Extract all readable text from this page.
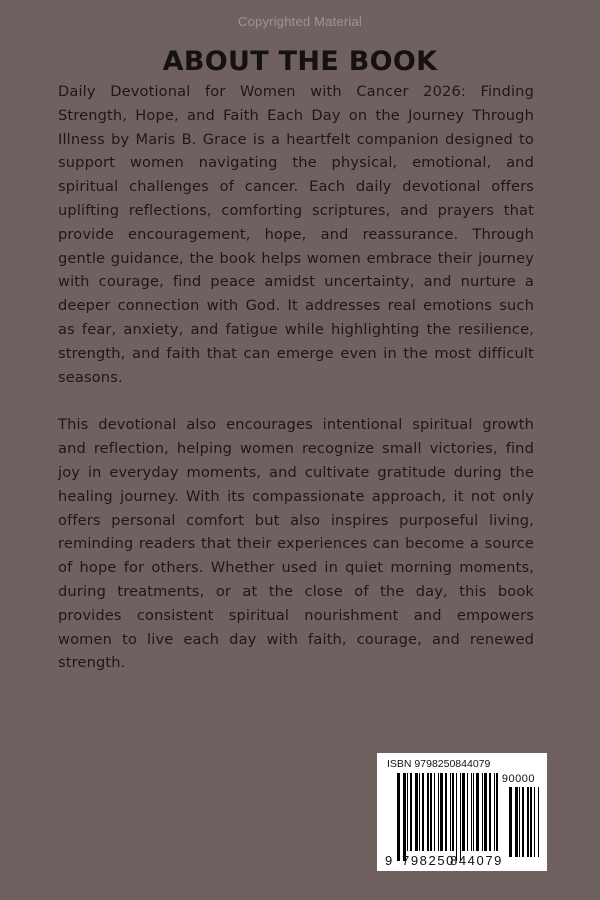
Copyrighted Material
ABOUT THE BOOK

Daily Devotional for Women with Cancer 2026: Finding Strength, Hope, and Faith Each Day on the Journey Through Illness by Maris B. Grace is a heartfelt companion designed to support women navigating the physical, emotional, and spiritual challenges of cancer. Each daily devotional offers uplifting reflections, comforting scriptures, and prayers that provide encouragement, hope, and reassurance. Through gentle guidance, the book helps women embrace their journey with courage, find peace amidst uncertainty, and nurture a deeper connection with God. It addresses real emotions such as fear, anxiety, and fatigue while highlighting the resilience, strength, and faith that can emerge even in the most difficult seasons.

This devotional also encourages intentional spiritual growth and reflection, helping women recognize small victories, find joy in everyday moments, and cultivate gratitude during the healing journey. With its compassionate approach, it not only offers personal comfort but also inspires purposeful living, reminding readers that their experiences can become a source of hope for others. Whether used in quiet morning moments, during treatments, or at the close of the day, this book provides consistent spiritual nourishment and empowers women to live each day with faith, courage, and renewed strength.

ISBN 9798250844079
90000
9 798250
844079
